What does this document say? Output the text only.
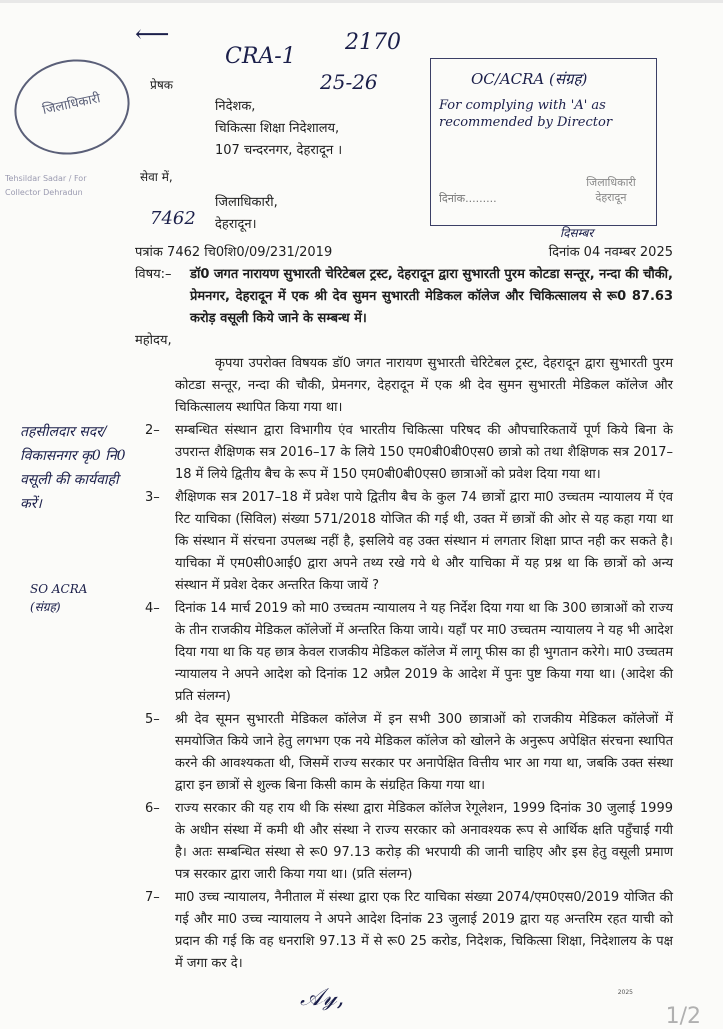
जिलाधिकारी
Tehsildar Sadar / For Collector Dehradun
⟵
CRA-1
2170
25-26	OC/ACRA (संग्रह)
For complying with 'A' as recommended by Director
दिनांक.........
जिलाधिकारी देहरादून
प्रेषक
निदेशक,
चिकित्सा शिक्षा निदेशालय,
107 चन्दरनगर, देहरादून ।
सेवा में,
जिलाधिकारी,
देहरादून।
7462
दिसम्बर
तहसीलदार सदर/विकासनगर कृ0 नि0 वसूली की कार्यवाही करें।
SO ACRA (संग्रह)
पत्रांक 7462 चि0शि0/09/231/2019	दिनांक 04 नवम्बर 2025
विषय:–	डॉ0 जगत नारायण सुभारती चेरिटेबल ट्रस्ट, देहरादून द्वारा सुभारती पुरम कोटडा सन्तूर, नन्दा की चौकी, प्रेमनगर, देहरादून में एक श्री देव सुमन सुभारती मेडिकल कॉलेज और चिकित्सालय से रू0 87.63 करोड़ वसूली किये जाने के सम्बन्ध में।
महोदय,
कृपया उपरोक्त विषयक डॉ0 जगत नारायण सुभारती चेरिटेबल ट्रस्ट, देहरादून द्वारा सुभारती पुरम कोटडा सन्तूर, नन्दा की चौकी, प्रेमनगर, देहरादून में एक श्री देव सुमन सुभारती मेडिकल कॉलेज और चिकित्सालय स्थापित किया गया था।
2–	सम्बन्धित संस्थान द्वारा विभागीय एंव भारतीय चिकित्सा परिषद की औपचारिकतायें पूर्ण किये बिना के उपरान्त शैक्षिणक सत्र 2016–17 के लिये 150 एम0बी0बी0एस0 छात्रो को तथा शैक्षिणक सत्र 2017–18 में लिये द्वितीय बैच के रूप में 150 एम0बी0बी0एस0 छात्राओं को प्रवेश दिया गया था।
3–	शैक्षिणक सत्र 2017–18 में प्रवेश पाये द्वितीय बैच के कुल 74 छात्रों द्वारा मा0 उच्चतम न्यायालय में एंव रिट याचिका (सिविल) संख्या 571/2018 योजित की गई थी, उक्त में छात्रों की ओर से यह कहा गया था कि संस्थान में संरचना उपलब्ध नहीं है, इसलिये वह उक्त संस्थान मं लगतार शिक्षा प्राप्त नही कर सकते है। याचिका में एम0सी0आई0 द्वारा अपने तथ्य रखे गये थे और याचिका में यह प्रश्न था कि छात्रों को अन्य संस्थान में प्रवेश देकर अन्तरित किया जायें ?
4–	दिनांक 14 मार्च 2019 को मा0 उच्चतम न्यायालय ने यह निर्देश दिया गया था कि 300 छात्राओं को राज्य के तीन राजकीय मेडिकल कॉलेजों में अन्तरित किया जाये। यहाँ पर मा0 उच्चतम न्यायालय ने यह भी आदेश दिया गया था कि यह छात्र केवल राजकीय मेडिकल कॉलेज में लागू फीस का ही भुगतान करेगे। मा0 उच्चतम न्यायालय ने अपने आदेश को दिनांक 12 अप्रैल 2019 के आदेश में पुनः पुष्ट किया गया था। (आदेश की प्रति संलग्न)
5–	श्री देव सूमन सुभारती मेडिकल कॉलेज में इन सभी 300 छात्राओं को राजकीय मेडिकल कॉलेजों में समयोजित किये जाने हेतु लगभग एक नये मेडिकल कॉलेज को खोलने के अनुरूप अपेक्षित संरचना स्थापित करने की आवश्यकता थी, जिसमें राज्य सरकार पर अनापेक्षित वित्तीय भार आ गया था, जबकि उक्त संस्था द्वारा इन छात्रों से शुल्क बिना किसी काम के संग्रहित किया गया था।
6–	राज्य सरकार की यह राय थी कि संस्था द्वारा मेडिकल कॉलेज रेगूलेशन, 1999 दिनांक 30 जुलाई 1999 के अधीन संस्था में कमी थी और संस्था ने राज्य सरकार को अनावश्यक रूप से आर्थिक क्षति पहुँचाई गयी है। अतः सम्बन्धित संस्था से रू0 97.13 करोड़ की भरपायी की जानी चाहिए और इस हेतु वसूली प्रमाण पत्र सरकार द्वारा जारी किया गया था। (प्रति संलग्न)
7–	मा0 उच्च न्यायालय, नैनीताल में संस्था द्वारा एक रिट याचिका संख्या 2074/एम0एस0/2019 योजित की गई और मा0 उच्च न्यायालय ने अपने आदेश दिनांक 23 जुलाई 2019 द्वारा यह अन्तरिम रहत याची को प्रदान की गई कि वह धनराशि 97.13 में से रू0 25 करोड, निदेशक, चिकित्सा शिक्षा, निदेशालय के पक्ष में जगा कर दे।
𝒜𝓎,	2025
1/2
